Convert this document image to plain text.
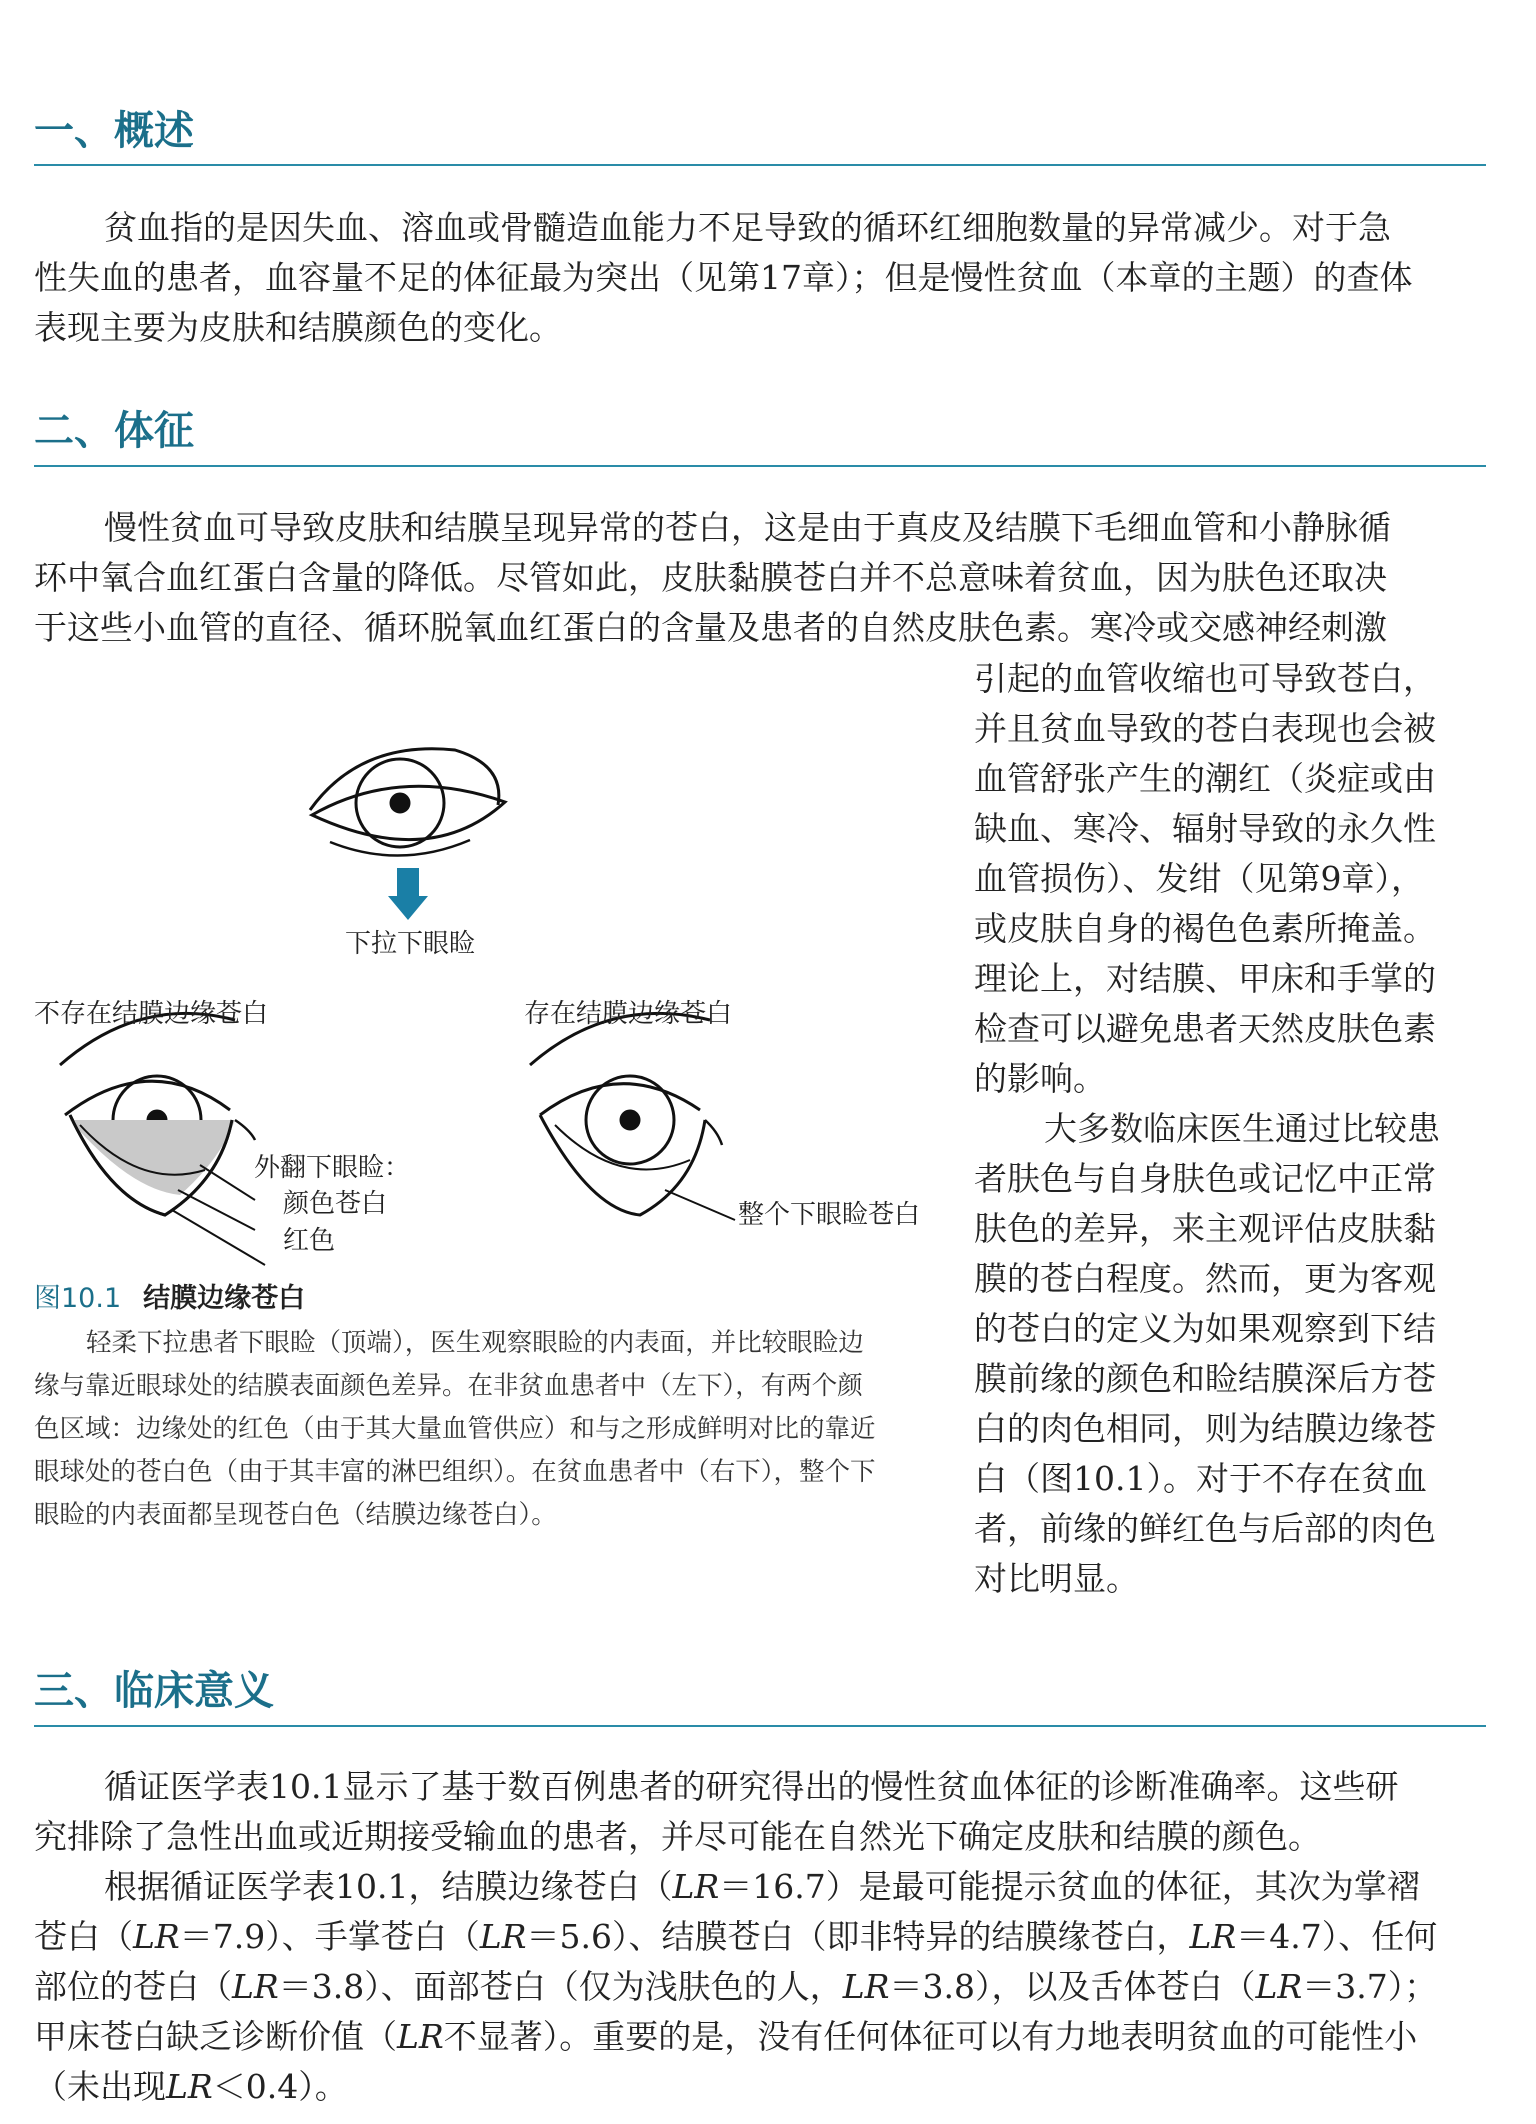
一、概述
贫血指的是因失血、溶血或骨髓造血能力不足导致的循环红细胞数量的异常减少。对于急
性失血的患者，血容量不足的体征最为突出（见第17章）；但是慢性贫血（本章的主题）的查体
表现主要为皮肤和结膜颜色的变化。
二、体征
慢性贫血可导致皮肤和结膜呈现异常的苍白，这是由于真皮及结膜下毛细血管和小静脉循
环中氧合血红蛋白含量的降低。尽管如此，皮肤黏膜苍白并不总意味着贫血，因为肤色还取决
于这些小血管的直径、循环脱氧血红蛋白的含量及患者的自然皮肤色素。寒冷或交感神经刺激
引起的血管收缩也可导致苍白，
并且贫血导致的苍白表现也会被
血管舒张产生的潮红（炎症或由
缺血、寒冷、辐射导致的永久性
血管损伤）、发绀（见第9章），
或皮肤自身的褐色色素所掩盖。
理论上，对结膜、甲床和手掌的
检查可以避免患者天然皮肤色素
的影响。
大多数临床医生通过比较患
者肤色与自身肤色或记忆中正常
肤色的差异，来主观评估皮肤黏
膜的苍白程度。然而，更为客观
的苍白的定义为如果观察到下结
膜前缘的颜色和睑结膜深后方苍
白的肉色相同，则为结膜边缘苍
白（图10.1）。对于不存在贫血
者，前缘的鲜红色与后部的肉色
对比明显。
下拉下眼睑
不存在结膜边缘苍白	存在结膜边缘苍白
外翻下眼睑：
颜色苍白
红色
整个下眼睑苍白
图10.1 结膜边缘苍白
轻柔下拉患者下眼睑（顶端），医生观察眼睑的内表面，并比较眼睑边
缘与靠近眼球处的结膜表面颜色差异。在非贫血患者中（左下），有两个颜
色区域：边缘处的红色（由于其大量血管供应）和与之形成鲜明对比的靠近
眼球处的苍白色（由于其丰富的淋巴组织）。在贫血患者中（右下），整个下
眼睑的内表面都呈现苍白色（结膜边缘苍白）。
三、临床意义
循证医学表10.1显示了基于数百例患者的研究得出的慢性贫血体征的诊断准确率。这些研
究排除了急性出血或近期接受输血的患者，并尽可能在自然光下确定皮肤和结膜的颜色。
根据循证医学表10.1，结膜边缘苍白（LR＝16.7）是最可能提示贫血的体征，其次为掌褶
苍白（LR＝7.9）、手掌苍白（LR＝5.6）、结膜苍白（即非特异的结膜缘苍白，LR＝4.7）、任何
部位的苍白（LR＝3.8）、面部苍白（仅为浅肤色的人，LR＝3.8），以及舌体苍白（LR＝3.7）；
甲床苍白缺乏诊断价值（LR不显著）。重要的是，没有任何体征可以有力地表明贫血的可能性小
（未出现LR＜0.4）。
